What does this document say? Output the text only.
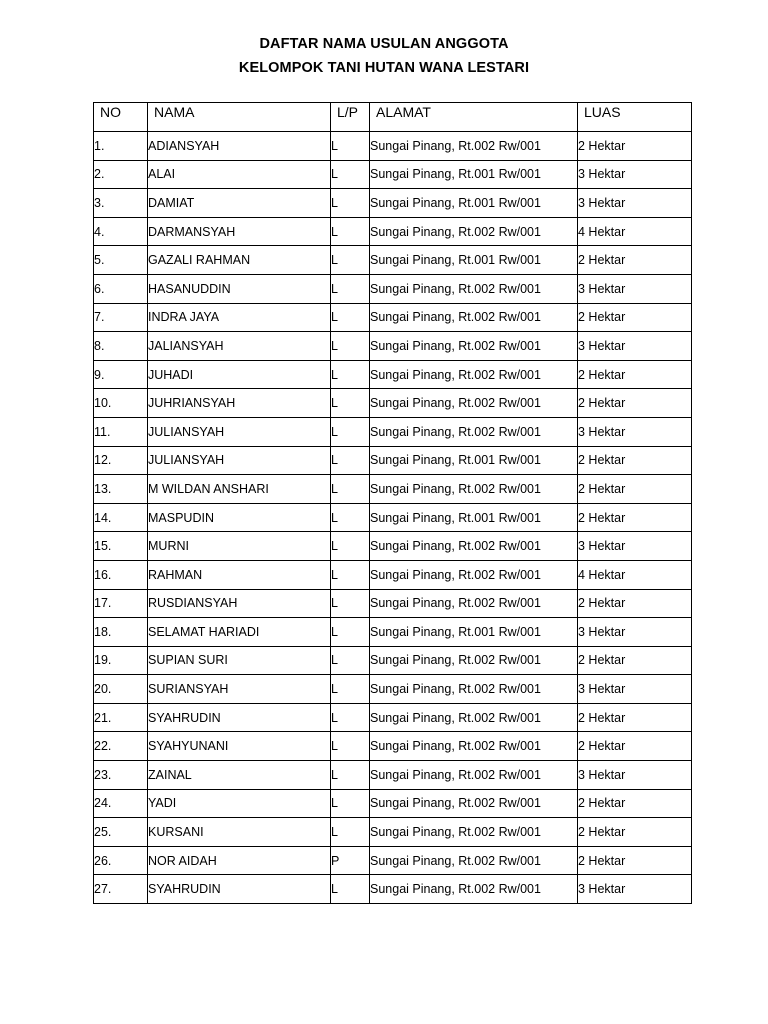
DAFTAR NAMA USULAN ANGGOTA
KELOMPOK TANI HUTAN WANA LESTARI
NO	NAMA	L/P	ALAMAT	LUAS
1.	ADIANSYAH	L	Sungai Pinang, Rt.002 Rw/001	2 Hektar
2.	ALAI	L	Sungai Pinang, Rt.001 Rw/001	3 Hektar
3.	DAMIAT	L	Sungai Pinang, Rt.001 Rw/001	3 Hektar
4.	DARMANSYAH	L	Sungai Pinang, Rt.002 Rw/001	4 Hektar
5.	GAZALI RAHMAN	L	Sungai Pinang, Rt.001 Rw/001	2 Hektar
6.	HASANUDDIN	L	Sungai Pinang, Rt.002 Rw/001	3 Hektar
7.	INDRA JAYA	L	Sungai Pinang, Rt.002 Rw/001	2 Hektar
8.	JALIANSYAH	L	Sungai Pinang, Rt.002 Rw/001	3 Hektar
9.	JUHADI	L	Sungai Pinang, Rt.002 Rw/001	2 Hektar
10.	JUHRIANSYAH	L	Sungai Pinang, Rt.002 Rw/001	2 Hektar
11.	JULIANSYAH	L	Sungai Pinang, Rt.002 Rw/001	3 Hektar
12.	JULIANSYAH	L	Sungai Pinang, Rt.001 Rw/001	2 Hektar
13.	M WILDAN ANSHARI	L	Sungai Pinang, Rt.002 Rw/001	2 Hektar
14.	MASPUDIN	L	Sungai Pinang, Rt.001 Rw/001	2 Hektar
15.	MURNI	L	Sungai Pinang, Rt.002 Rw/001	3 Hektar
16.	RAHMAN	L	Sungai Pinang, Rt.002 Rw/001	4 Hektar
17.	RUSDIANSYAH	L	Sungai Pinang, Rt.002 Rw/001	2 Hektar
18.	SELAMAT HARIADI	L	Sungai Pinang, Rt.001 Rw/001	3 Hektar
19.	SUPIAN SURI	L	Sungai Pinang, Rt.002 Rw/001	2 Hektar
20.	SURIANSYAH	L	Sungai Pinang, Rt.002 Rw/001	3 Hektar
21.	SYAHRUDIN	L	Sungai Pinang, Rt.002 Rw/001	2 Hektar
22.	SYAHYUNANI	L	Sungai Pinang, Rt.002 Rw/001	2 Hektar
23.	ZAINAL	L	Sungai Pinang, Rt.002 Rw/001	3 Hektar
24.	YADI	L	Sungai Pinang, Rt.002 Rw/001	2 Hektar
25.	KURSANI	L	Sungai Pinang, Rt.002 Rw/001	2 Hektar
26.	NOR AIDAH	P	Sungai Pinang, Rt.002 Rw/001	2 Hektar
27.	SYAHRUDIN	L	Sungai Pinang, Rt.002 Rw/001	3 Hektar
